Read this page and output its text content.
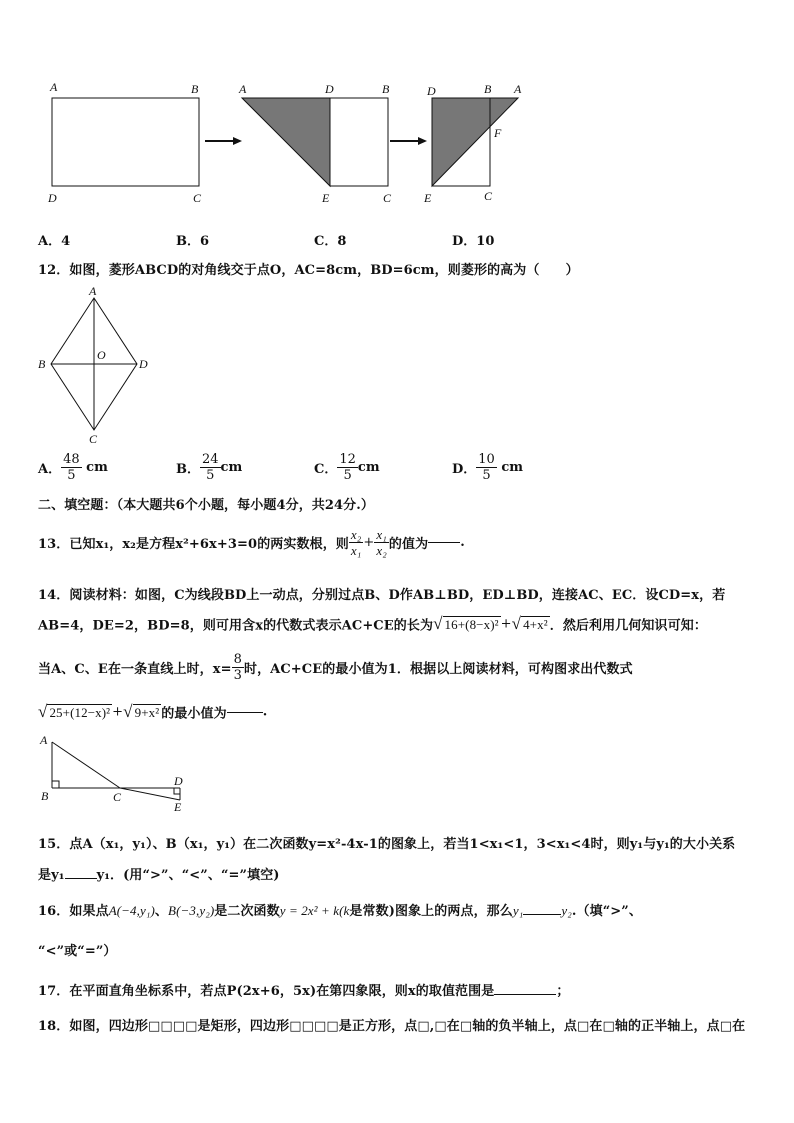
A	B
D	C
A	D	B
E	C
D	B A
F
E	C
A．4	B．6	C．8	D．10
12．如图，菱形ABCD的对角线交于点O，AC=8cm，BD=6cm，则菱形的高为（　　）
A
B
O
D
C
A． $\frac{48}{5}$ cm	B． $\frac{24}{5}$ cm	C． $\frac{12}{5}$ cm	D． $\frac{10}{5}$ cm
二、填空题：（本大题共6个小题，每小题4分，共24分.）
13．已知x₁，x₂是方程x²+6x+3=0的两实数根，则 $\frac{\text{x₂}}{\text{x₁}} + \frac{\text{x₁}}{\text{x₂}}$ 的值为 .
14．阅读材料：如图，C为线段BD上一动点，分别过点B、D作AB⊥BD，ED⊥BD，连接AC、EC．设CD=x，若
AB=4，DE=2，BD=8，则可用含x的代数式表示AC+CE的长为√ 16+(8−x)² +√ 4+x² ．然后利用几何知识可知：
当A、C、E在一条直线上时，$x= \frac{8}{3}$ 时，AC+CE的最小值为1．根据以上阅读材料，可构图求出代数式
√ 25+(12−x)² +√ 9+x² 的最小值为	.
A
B	C
D
E
15．点A（x₁，y₁）、B（x₁，y₁）在二次函数y=x²-4x-1的图象上，若当1<x₁<1，3<x₁<4时，则y₁与y₁的大小关系
是y₁ y₁．(用“>”、“<”、“=”填空)
16．如果点A(−4,y₁)、B(−3,y₂)是二次函数y = 2x² + k(k是常数)图象上的两点，那么y₁	y₂.（填“>”、
“<”或“=”）
17．在平面直角坐标系中，若点P(2x+6，5x)在第四象限，则x的取值范围是	；
18．如图，四边形□□□□是矩形，四边形□□□□是正方形，点□,□在□轴的负半轴上，点□在□轴的正半轴上，点□在
